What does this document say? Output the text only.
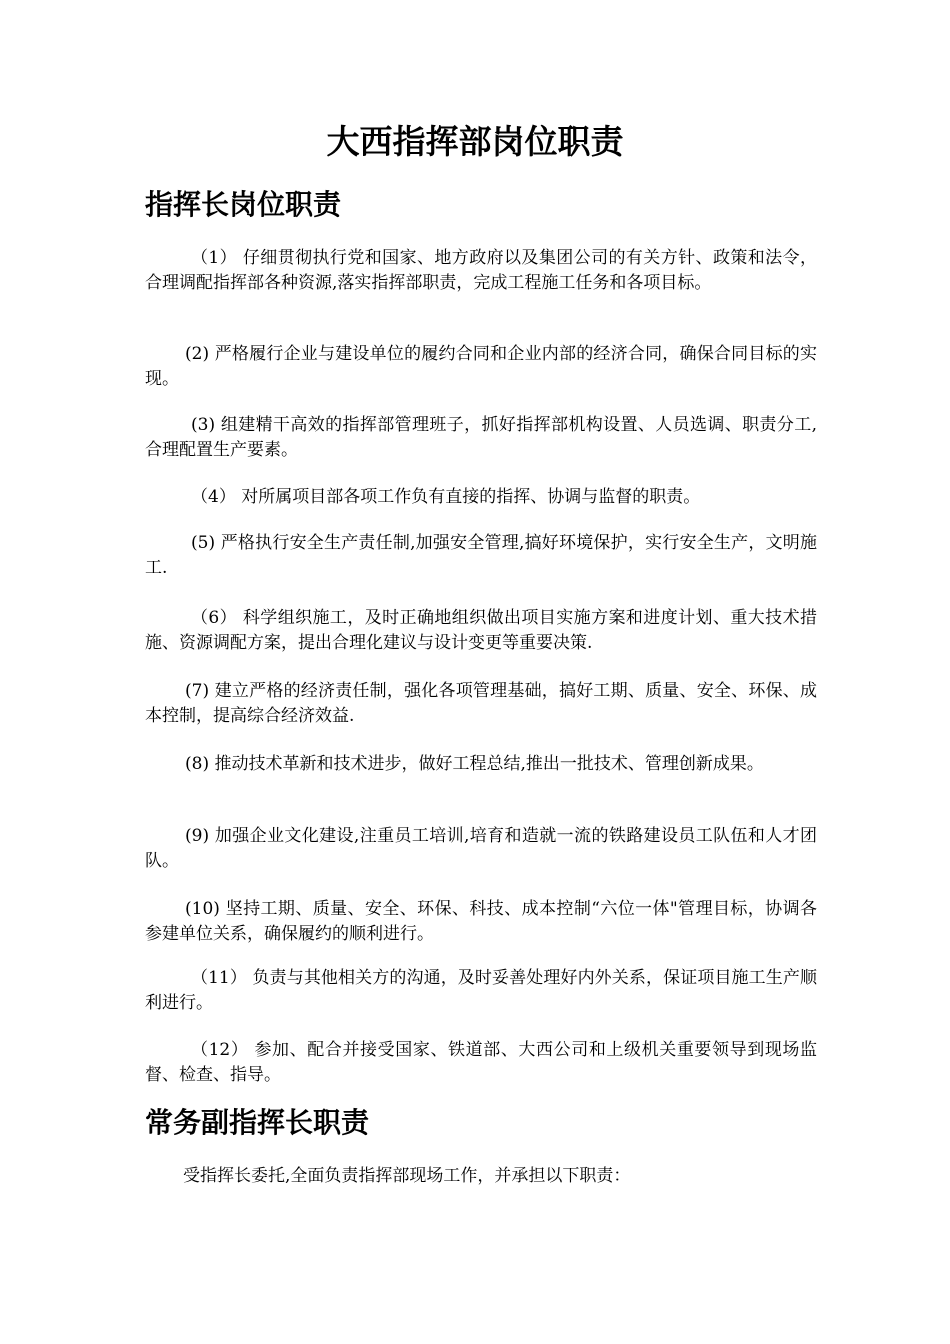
大西指挥部岗位职责
指挥长岗位职责

（1） 仔细贯彻执行党和国家、地方政府以及集团公司的有关方针、政策和法令，合理调配指挥部各种资源,落实指挥部职责，完成工程施工任务和各项目标。

(2) 严格履行企业与建设单位的履约合同和企业内部的经济合同，确保合同目标的实现。

(3) 组建精干高效的指挥部管理班子，抓好指挥部机构设置、人员选调、职责分工,合理配置生产要素。

（4） 对所属项目部各项工作负有直接的指挥、协调与监督的职责。

(5) 严格执行安全生产责任制,加强安全管理,搞好环境保护，实行安全生产，文明施工.

（6） 科学组织施工，及时正确地组织做出项目实施方案和进度计划、重大技术措施、资源调配方案，提出合理化建议与设计变更等重要决策.

(7) 建立严格的经济责任制，强化各项管理基础，搞好工期、质量、安全、环保、成本控制，提高综合经济效益.

(8) 推动技术革新和技术进步，做好工程总结,推出一批技术、管理创新成果。

(9) 加强企业文化建设,注重员工培训,培育和造就一流的铁路建设员工队伍和人才团队。

(10) 坚持工期、质量、安全、环保、科技、成本控制“六位一体"管理目标，协调各参建单位关系，确保履约的顺利进行。

（11） 负责与其他相关方的沟通，及时妥善处理好内外关系，保证项目施工生产顺利进行。

（12） 参加、配合并接受国家、铁道部、大西公司和上级机关重要领导到现场监督、检查、指导。

常务副指挥长职责

受指挥长委托,全面负责指挥部现场工作，并承担以下职责：
